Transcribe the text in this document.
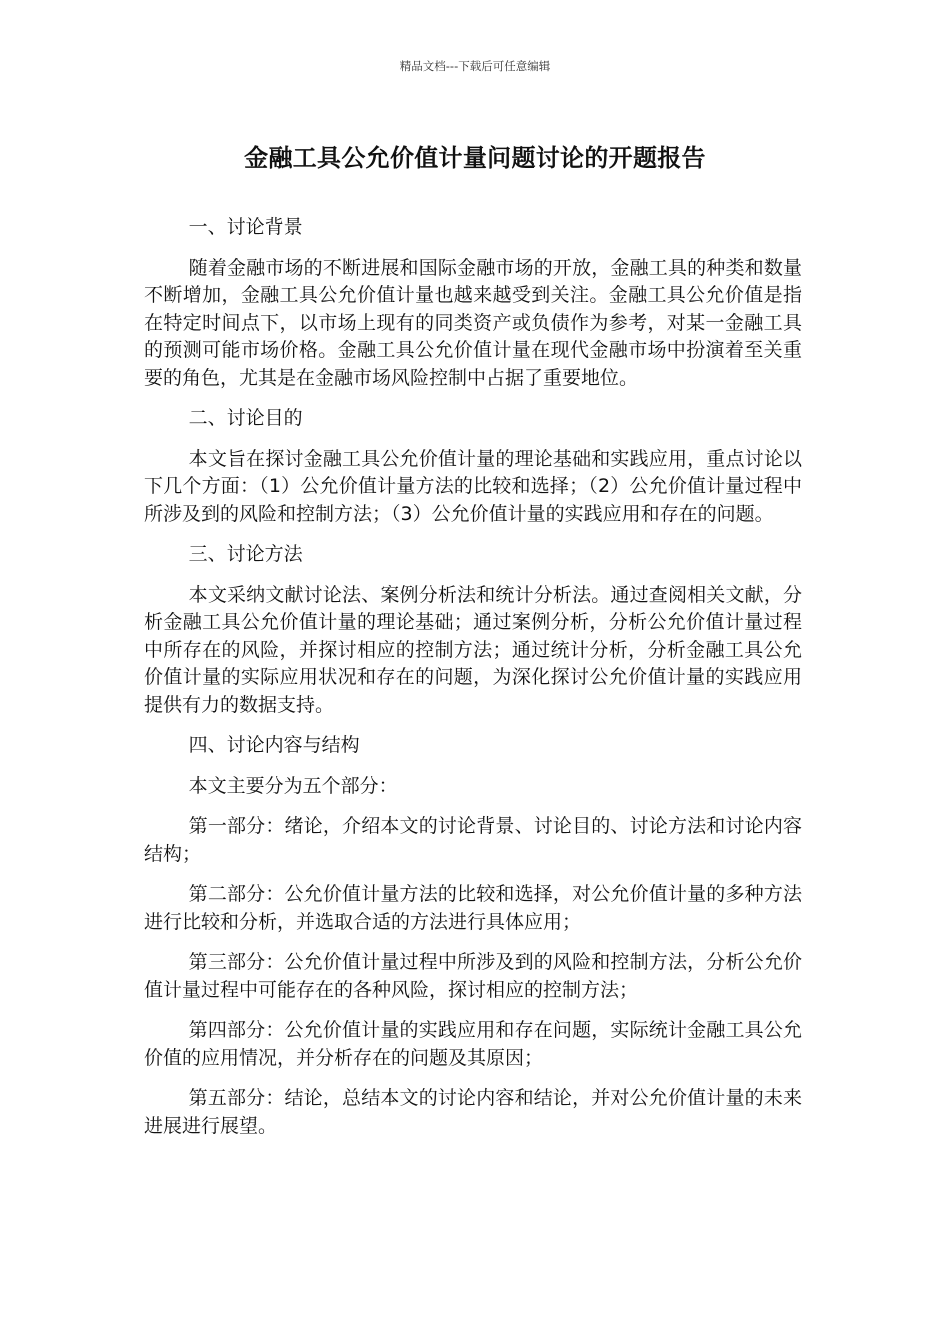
精品文档---下载后可任意编辑
金融工具公允价值计量问题讨论的开题报告

一、讨论背景

随着金融市场的不断进展和国际金融市场的开放，金融工具的种类和数量不断增加，金融工具公允价值计量也越来越受到关注。金融工具公允价值是指在特定时间点下，以市场上现有的同类资产或负债作为参考，对某一金融工具的预测可能市场价格。金融工具公允价值计量在现代金融市场中扮演着至关重要的角色，尤其是在金融市场风险控制中占据了重要地位。

二、讨论目的

本文旨在探讨金融工具公允价值计量的理论基础和实践应用，重点讨论以下几个方面：（1）公允价值计量方法的比较和选择；（2）公允价值计量过程中所涉及到的风险和控制方法；（3）公允价值计量的实践应用和存在的问题。

三、讨论方法

本文采纳文献讨论法、案例分析法和统计分析法。通过查阅相关文献，分析金融工具公允价值计量的理论基础；通过案例分析，分析公允价值计量过程中所存在的风险，并探讨相应的控制方法；通过统计分析，分析金融工具公允价值计量的实际应用状况和存在的问题，为深化探讨公允价值计量的实践应用提供有力的数据支持。

四、讨论内容与结构

本文主要分为五个部分：

第一部分：绪论，介绍本文的讨论背景、讨论目的、讨论方法和讨论内容结构；

第二部分：公允价值计量方法的比较和选择，对公允价值计量的多种方法进行比较和分析，并选取合适的方法进行具体应用；

第三部分：公允价值计量过程中所涉及到的风险和控制方法，分析公允价值计量过程中可能存在的各种风险，探讨相应的控制方法；

第四部分：公允价值计量的实践应用和存在问题，实际统计金融工具公允价值的应用情况，并分析存在的问题及其原因；

第五部分：结论，总结本文的讨论内容和结论，并对公允价值计量的未来进展进行展望。
